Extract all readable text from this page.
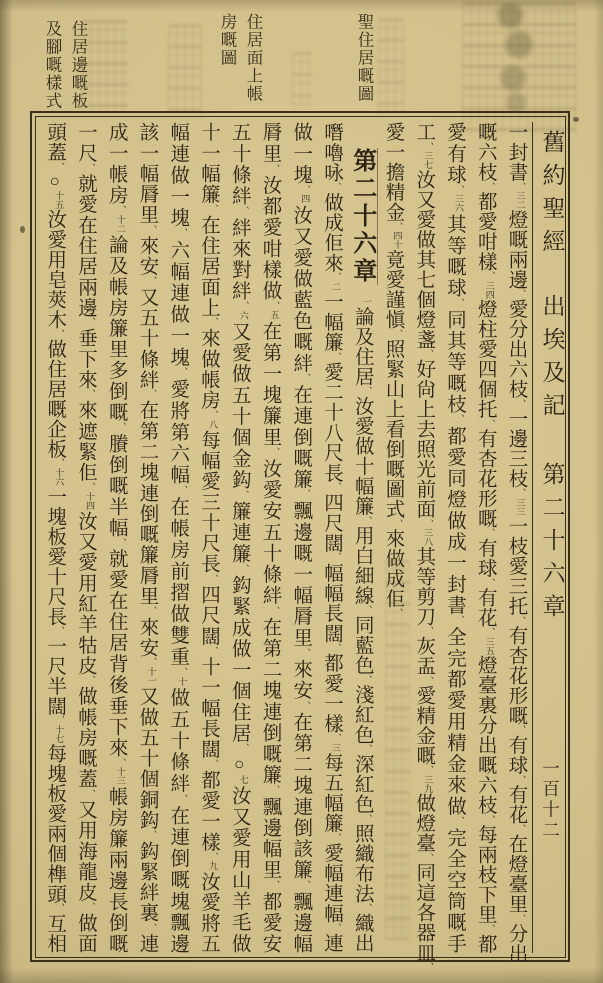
住居邊嘅板
及腳嘅樣式	住居面上帳
房嘅圖	聖住居嘅圖
一封書、三二燈嘅兩邊、愛分出六枝、一邊三枝、三三一枝愛三托、有杏花形嘅、有球、有花、在燈臺里、分出
嘅六枝、都愛咁樣、三四燈柱愛四個托、有杏花形嘅、有球、有花、三五燈臺裏分出嘅六枝、每兩枝下里、都
愛有球、三六其等嘅球、同其等嘅枝、都愛同燈做成一封書、全完都愛用精金來做、完全空筒嘅手
工、三七汝又愛做其七個燈盞、好尙上去照光前面、三八其等剪刀、灰盂、愛精金嘅、三九做燈臺、同這各器皿、
愛一擔精金、四十竟愛謹愼、照緊山上看倒嘅圖式、來做成佢、
第二十六章一論及住居、汝愛做十幅簾、用白細線、同藍色、淺紅色、深紅色、照織布法、織出
噆嚕咏、做成佢來、二一幅簾、愛二十八尺長、四尺闊、幅幅長闊、都愛一樣、三每五幅簾、愛幅連幅、連
做一塊、四汝又愛做藍色嘅絆、在連倒嘅簾、飄邊嘅一幅脣里、來安、在第二塊連倒該簾、飄邊幅
脣里、汝都愛咁樣做、五在第一塊簾里、汝愛安五十條絆、在第二塊連倒嘅簾、飄邊幅里、都愛安
五十條絆、絆來對絆、六又愛做五十個金鈎、簾連簾、鈎緊成做一個住居、○七汝又愛用山羊毛做
十一幅簾、在住居面上、來做帳房、八每幅愛三十尺長、四尺闊、十一幅長闊、都愛一樣、九汝愛將五
幅連做一塊、六幅連做一塊、愛將第六幅、在帳房前摺做雙重、十做五十條絆、在連倒嘅塊飄邊
該一幅脣里、來安、又五十條絆、在第二塊連倒嘅簾脣里、來安、十一又做五十個銅鈎、鈎緊絆裏、連
成一帳房、十二論及帳房簾里多倒嘅、賸倒嘅半幅、就愛在住居背後垂下來、十三帳房簾兩邊長倒嘅
一尺、就愛在住居兩邊、垂下來、來遮緊佢、十四汝又愛用紅羊牯皮、做帳房嘅蓋、又用海龍皮、做面
頭蓋、○十五汝愛用皂莢木、做住居嘅企板、十六一塊板愛十尺長、一尺半闊、十七每塊板愛兩個榫頭、互相
舊約聖經
出埃及記
第二十六章
一百十二
